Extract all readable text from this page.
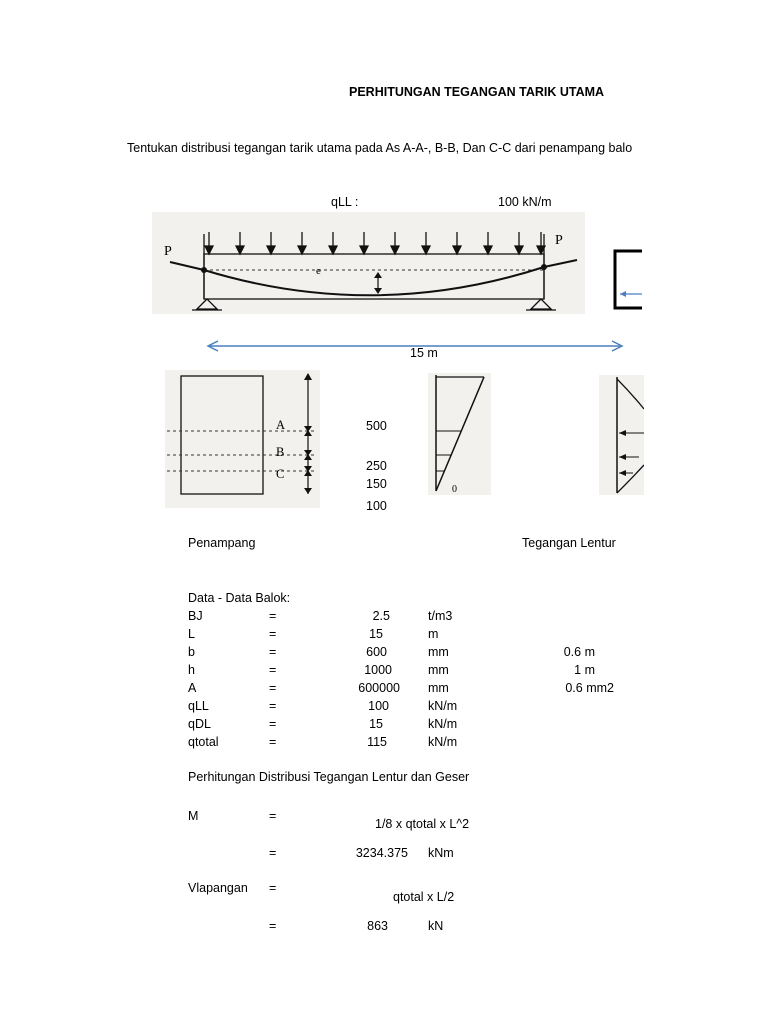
PERHITUNGAN TEGANGAN TARIK UTAMA
Tentukan distribusi tegangan tarik utama pada As A-A-, B-B, Dan C-C dari penampang balo
qLL :	100 kN/m
P
P
e
15 m
A
B
C
500
250
150
100
0
Penampang	Tegangan Lentur
Data - Data Balok:
BJ	=	2.5	t/m3
L	=	15	m
b	=	600	mm	0.6 m
h	=	1000	mm	1 m
A	=	600000 mm	0.6 mm2
qLL	=	100	kN/m
qDL	=	15	kN/m
qtotal	=	115	kN/m
Perhitungan Distribusi Tegangan Lentur dan Geser
M	=
1/8 x qtotal x L^2
=	3234.375 kNm
Vlapangan =
qtotal x L/2
=	863	kN
